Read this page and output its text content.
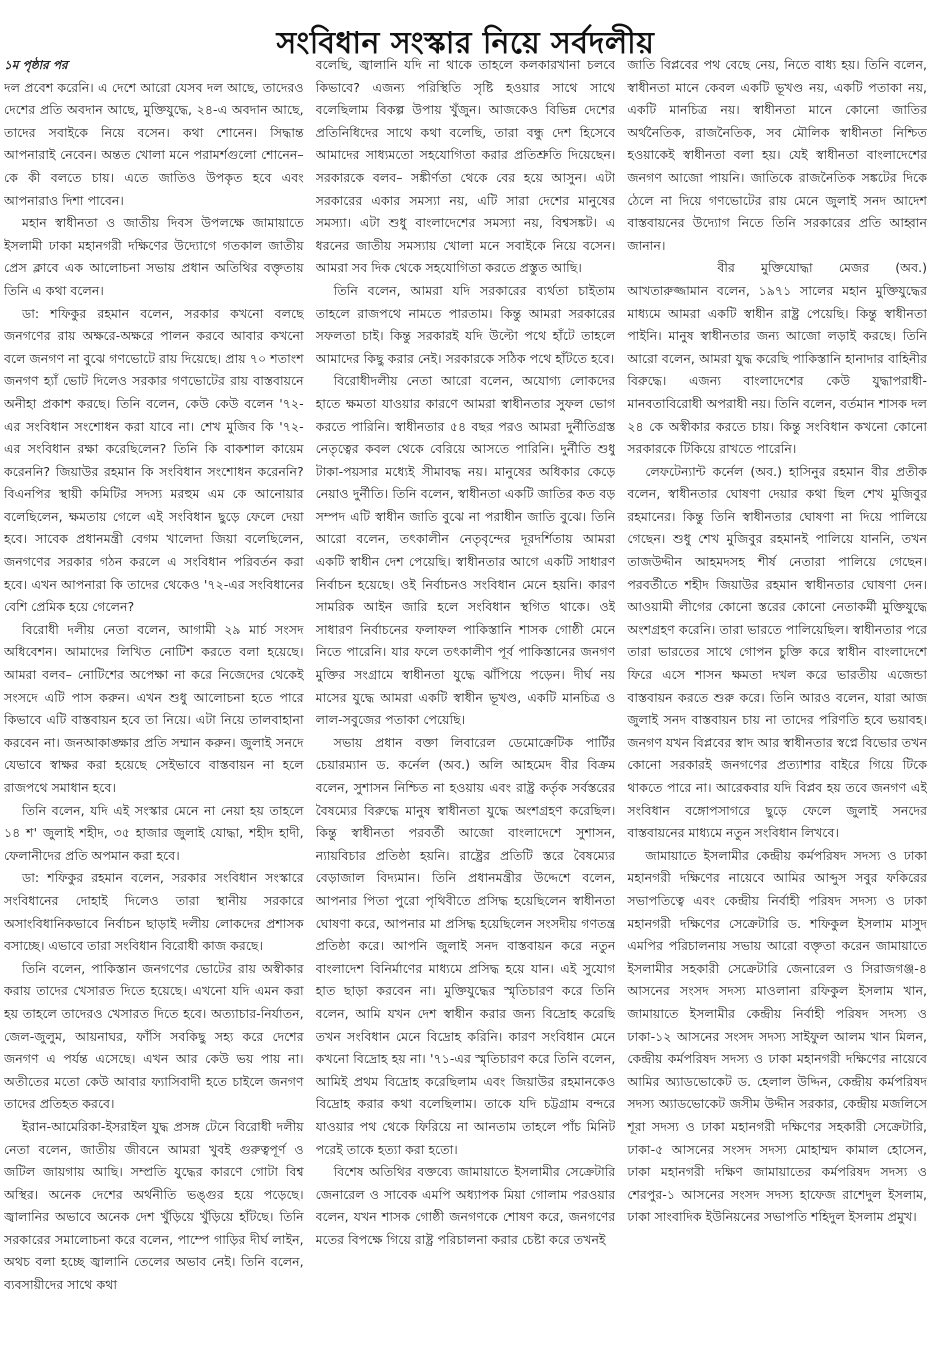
সংবিধান সংস্কার নিয়ে সর্বদলীয়
১ম পৃষ্ঠার পর

দল প্রবেশ করেনি। এ দেশে আরো যেসব দল আছে, তাদেরও দেশের প্রতি অবদান আছে, মুক্তিযুদ্ধে, ২৪-এ অবদান আছে, তাদের সবাইকে নিয়ে বসেন। কথা শোনেন। সিদ্ধান্ত আপনারাই নেবেন। অন্তত খোলা মনে পরামর্শগুলো শোনেন– কে কী বলতে চায়। এতে জাতিও উপকৃত হবে এবং আপনারাও দিশা পাবেন।

মহান স্বাধীনতা ও জাতীয় দিবস উপলক্ষে জামায়াতে ইসলামী ঢাকা মহানগরী দক্ষিণের উদ্যোগে গতকাল জাতীয় প্রেস ক্লাবে এক আলোচনা সভায় প্রধান অতিথির বক্তৃতায় তিনি এ কথা বলেন।

ডা: শফিকুর রহমান বলেন, সরকার কখনো বলছে জনগণের রায় অক্ষরে-অক্ষরে পালন করবে আবার কখনো বলে জনগণ না বুঝে গণভোটে রায় দিয়েছে। প্রায় ৭০ শতাংশ জনগণ হ্যাঁ ভোট দিলেও সরকার গণভোটের রায় বাস্তবায়নে অনীহা প্রকাশ করছে। তিনি বলেন, কেউ কেউ বলেন '৭২-এর সংবিধান সংশোধন করা যাবে না। শেখ মুজিব কি '৭২-এর সংবিধান রক্ষা করেছিলেন? তিনি কি বাকশাল কায়েম করেননি? জিয়াউর রহমান কি সংবিধান সংশোধন করেননি? বিএনপির স্থায়ী কমিটির সদস্য মরহুম এম কে আনোয়ার বলেছিলেন, ক্ষমতায় গেলে এই সংবিধান ছুড়ে ফেলে দেয়া হবে। সাবেক প্রধানমন্ত্রী বেগম খালেদা জিয়া বলেছিলেন, জনগণের সরকার গঠন করলে এ সংবিধান পরিবর্তন করা হবে। এখন আপনারা কি তাদের থেকেও '৭২-এর সংবিধানের বেশি প্রেমিক হয়ে গেলেন?

বিরোধী দলীয় নেতা বলেন, আগামী ২৯ মার্চ সংসদ অধিবেশন। আমাদের লিখিত নোটিশ করতে বলা হয়েছে। আমরা বলব– নোটিশের অপেক্ষা না করে নিজেদের থেকেই সংসদে এটি পাস করুন। এখন শুধু আলোচনা হতে পারে কিভাবে এটি বাস্তবায়ন হবে তা নিয়ে। এটা নিয়ে তালবাহানা করবেন না। জনআকাঙ্ক্ষার প্রতি সম্মান করুন। জুলাই সনদে যেভাবে স্বাক্ষর করা হয়েছে সেইভাবে বাস্তবায়ন না হলে রাজপথে সমাধান হবে।

তিনি বলেন, যদি এই সংস্কার মেনে না নেয়া হয় তাহলে ১৪ শ' জুলাই শহীদ, ৩৫ হাজার জুলাই যোদ্ধা, শহীদ হাদী, ফেলানীদের প্রতি অপমান করা হবে।

ডা: শফিকুর রহমান বলেন, সরকার সংবিধান সংস্কারে সংবিধানের দোহাই দিলেও তারা স্থানীয় সরকারে অসাংবিধানিকভাবে নির্বাচন ছাড়াই দলীয় লোকদের প্রশাসক বসাচ্ছে। এভাবে তারা সংবিধান বিরোধী কাজ করছে।

তিনি বলেন, পাকিস্তান জনগণের ভোটের রায় অস্বীকার করায় তাদের খেসারত দিতে হয়েছে। এখনো যদি এমন করা হয় তাহলে তাদেরও খেসারত দিতে হবে। অত্যাচার-নির্যাতন, জেল-জুলুম, আয়নাঘর, ফাঁসি সবকিছু সহ্য করে দেশের জনগণ এ পর্যন্ত এসেছে। এখন আর কেউ ভয় পায় না। অতীতের মতো কেউ আবার ফ্যাসিবাদী হতে চাইলে জনগণ তাদের প্রতিহত করবে।

ইরান-আমেরিকা-ইসরাইল যুদ্ধ প্রসঙ্গ টেনে বিরোধী দলীয় নেতা বলেন, জাতীয় জীবনে আমরা খুবই গুরুত্বপূর্ণ ও জটিল জায়গায় আছি। সম্প্রতি যুদ্ধের কারণে গোটা বিশ্ব অস্থির। অনেক দেশের অর্থনীতি ভঙ্গুর হয়ে পড়েছে। জ্বালানির অভাবে অনেক দেশ খুঁড়িয়ে খুঁড়িয়ে হাঁটছে। তিনি সরকারের সমালোচনা করে বলেন, পাম্পে গাড়ির দীর্ঘ লাইন, অথচ বলা হচ্ছে জ্বালানি তেলের অভাব নেই। তিনি বলেন, ব্যবসায়ীদের সাথে কথা

বলেছি, জ্বালানি যদি না থাকে তাহলে কলকারখানা চলবে কিভাবে? এজন্য পরিস্থিতি সৃষ্টি হওয়ার সাথে সাথে বলেছিলাম বিকল্প উপায় খুঁজুন। আজকেও বিভিন্ন দেশের প্রতিনিধিদের সাথে কথা বলেছি, তারা বন্ধু দেশ হিসেবে আমাদের সাধ্যমতো সহযোগিতা করার প্রতিশ্রুতি দিয়েছেন। সরকারকে বলব– সঙ্কীর্ণতা থেকে বের হয়ে আসুন। এটা সরকারের একার সমস্যা নয়, এটি সারা দেশের মানুষের সমস্যা। এটা শুধু বাংলাদেশের সমস্যা নয়, বিশ্বসঙ্কট। এ ধরনের জাতীয় সমস্যায় খোলা মনে সবাইকে নিয়ে বসেন। আমরা সব দিক থেকে সহযোগিতা করতে প্রস্তুত আছি।

তিনি বলেন, আমরা যদি সরকারের ব্যর্থতা চাইতাম তাহলে রাজপথে নামতে পারতাম। কিন্তু আমরা সরকারের সফলতা চাই। কিন্তু সরকারই যদি উল্টো পথে হাঁটে তাহলে আমাদের কিছু করার নেই। সরকারকে সঠিক পথে হাঁটতে হবে।

বিরোধীদলীয় নেতা আরো বলেন, অযোগ্য লোকদের হাতে ক্ষমতা যাওয়ার কারণে আমরা স্বাধীনতার সুফল ভোগ করতে পারিনি। স্বাধীনতার ৫৪ বছর পরও আমরা দুর্নীতিগ্রস্ত নেতৃত্বের কবল থেকে বেরিয়ে আসতে পারিনি। দুর্নীতি শুধু টাকা-পয়সার মধ্যেই সীমাবদ্ধ নয়। মানুষের অধিকার কেড়ে নেয়াও দুর্নীতি। তিনি বলেন, স্বাধীনতা একটি জাতির কত বড় সম্পদ এটি স্বাধীন জাতি বুঝে না পরাধীন জাতি বুঝে। তিনি আরো বলেন, তৎকালীন নেতৃবৃন্দের দূরদর্শিতায় আমরা একটি স্বাধীন দেশ পেয়েছি। স্বাধীনতার আগে একটি সাধারণ নির্বাচন হয়েছে। ওই নির্বাচনও সংবিধান মেনে হয়নি। কারণ সামরিক আইন জারি হলে সংবিধান স্থগিত থাকে। ওই সাধারণ নির্বাচনের ফলাফল পাকিস্তানি শাসক গোষ্ঠী মেনে নিতে পারেনি। যার ফলে তৎকালীণ পূর্ব পাকিস্তানের জনগণ মুক্তির সংগ্রামে স্বাধীনতা যুদ্ধে ঝাঁপিয়ে পড়েন। দীর্ঘ নয় মাসের যুদ্ধে আমরা একটি স্বাধীন ভূখণ্ড, একটি মানচিত্র ও লাল-সবুজের পতাকা পেয়েছি।

সভায় প্রধান বক্তা লিবারেল ডেমোক্রেটিক পার্টির চেয়ারম্যান ড. কর্নেল (অব.) অলি আহমেদ বীর বিক্রম বলেন, সুশাসন নিশ্চিত না হওয়ায় এবং রাষ্ট্র কর্তৃক সর্বস্তরের বৈষম্যের বিরুদ্ধে মানুষ স্বাধীনতা যুদ্ধে অংশগ্রহণ করেছিল। কিন্তু স্বাধীনতা পরবর্তী আজো বাংলাদেশে সুশাসন, ন্যায়বিচার প্রতিষ্ঠা হয়নি। রাষ্ট্রের প্রতিটি স্তরে বৈষম্যের বেড়াজাল বিদ্যমান। তিনি প্রধানমন্ত্রীর উদ্দেশে বলেন, আপনার পিতা পুরো পৃথিবীতে প্রসিদ্ধ হয়েছিলেন স্বাধীনতা ঘোষণা করে, আপনার মা প্রসিদ্ধ হয়েছিলেন সংসদীয় গণতন্ত্র প্রতিষ্ঠা করে। আপনি জুলাই সনদ বাস্তবায়ন করে নতুন বাংলাদেশ বিনির্মাণের মাধ্যমে প্রসিদ্ধ হয়ে যান। এই সুযোগ হাত ছাড়া করবেন না। মুক্তিযুদ্ধের স্মৃতিচারণ করে তিনি বলেন, আমি যখন দেশ স্বাধীন করার জন্য বিদ্রোহ করেছি তখন সংবিধান মেনে বিদ্রোহ করিনি। কারণ সংবিধান মেনে কখনো বিদ্রোহ হয় না। '৭১-এর স্মৃতিচারণ করে তিনি বলেন, আমিই প্রথম বিদ্রোহ করেছিলাম এবং জিয়াউর রহমানকেও বিদ্রোহ করার কথা বলেছিলাম। তাকে যদি চট্টগ্রাম বন্দরে যাওয়ার পথ থেকে ফিরিয়ে না আনতাম তাহলে পাঁচ মিনিট পরেই তাকে হত্যা করা হতো।

বিশেষ অতিথির বক্তব্যে জামায়াতে ইসলামীর সেক্রেটারি জেনারেল ও সাবেক এমপি অধ্যাপক মিয়া গোলাম পরওয়ার বলেন, যখন শাসক গোষ্ঠী জনগণকে শোষণ করে, জনগণের মতের বিপক্ষে গিয়ে রাষ্ট্র পরিচালনা করার চেষ্টা করে তখনই

জাতি বিপ্লবের পথ বেছে নেয়, নিতে বাধ্য হয়। তিনি বলেন, স্বাধীনতা মানে কেবল একটি ভূখণ্ড নয়, একটি পতাকা নয়, একটি মানচিত্র নয়। স্বাধীনতা মানে কোনো জাতির অর্থনৈতিক, রাজনৈতিক, সব মৌলিক স্বাধীনতা নিশ্চিত হওয়াকেই স্বাধীনতা বলা হয়। যেই স্বাধীনতা বাংলাদেশের জনগণ আজো পায়নি। জাতিকে রাজনৈতিক সঙ্কটের দিকে ঠেলে না দিয়ে গণভোটের রায় মেনে জুলাই সনদ আদেশ বাস্তবায়নের উদ্যোগ নিতে তিনি সরকারের প্রতি আহ্বান জানান।

বীর মুক্তিযোদ্ধা মেজর (অব.) আখতারুজ্জামান বলেন, ১৯৭১ সালের মহান মুক্তিযুদ্ধের মাধ্যমে আমরা একটি স্বাধীন রাষ্ট্র পেয়েছি। কিন্তু স্বাধীনতা পাইনি। মানুষ স্বাধীনতার জন্য আজো লড়াই করছে। তিনি আরো বলেন, আমরা যুদ্ধ করেছি পাকিস্তানি হানাদার বাহিনীর বিরুদ্ধে। এজন্য বাংলাদেশের কেউ যুদ্ধাপরাধী-মানবতাবিরোধী অপরাধী নয়। তিনি বলেন, বর্তমান শাসক দল ২৪ কে অস্বীকার করতে চায়। কিন্তু সংবিধান কখনো কোনো সরকারকে টিকিয়ে রাখতে পারেনি।

লেফটেন্যান্ট কর্নেল (অব.) হাসিনুর রহমান বীর প্রতীক বলেন, স্বাধীনতার ঘোষণা দেয়ার কথা ছিল শেখ মুজিবুর রহমানের। কিন্তু তিনি স্বাধীনতার ঘোষণা না দিয়ে পালিয়ে গেছেন। শুধু শেখ মুজিবুর রহমানই পালিয়ে যাননি, তখন তাজউদ্দীন আহমদসহ শীর্ষ নেতারা পালিয়ে গেছেন। পরবর্তীতে শহীদ জিয়াউর রহমান স্বাধীনতার ঘোষণা দেন। আওয়ামী লীগের কোনো স্তরের কোনো নেতাকর্মী মুক্তিযুদ্ধে অংশগ্রহণ করেনি। তারা ভারতে পালিয়েছিল। স্বাধীনতার পরে তারা ভারতের সাথে গোপন চুক্তি করে স্বাধীন বাংলাদেশে ফিরে এসে শাসন ক্ষমতা দখল করে ভারতীয় এজেন্ডা বাস্তবায়ন করতে শুরু করে। তিনি আরও বলেন, যারা আজ জুলাই সনদ বাস্তবায়ন চায় না তাদের পরিণতি হবে ভয়াবহ। জনগণ যখন বিপ্লবের স্বাদ আর স্বাধীনতার স্বপ্নে বিভোর তখন কোনো সরকারই জনগণের প্রত্যাশার বাইরে গিয়ে টিকে থাকতে পারে না। আরেকবার যদি বিপ্লব হয় তবে জনগণ এই সংবিধান বঙ্গোপসাগরে ছুড়ে ফেলে জুলাই সনদের বাস্তবায়নের মাধ্যমে নতুন সংবিধান লিখবে।

জামায়াতে ইসলামীর কেন্দ্রীয় কর্মপরিষদ সদস্য ও ঢাকা মহানগরী দক্ষিণের নায়েবে আমির আব্দুস সবুর ফকিরের সভাপতিত্বে এবং কেন্দ্রীয় নির্বাহী পরিষদ সদস্য ও ঢাকা মহানগরী দক্ষিণের সেক্রেটারি ড. শফিকুল ইসলাম মাসুদ এমপির পরিচালনায় সভায় আরো বক্তৃতা করেন জামায়াতে ইসলামীর সহকারী সেক্রেটারি জেনারেল ও সিরাজগঞ্জ-৪ আসনের সংসদ সদস্য মাওলানা রফিকুল ইসলাম খান, জামায়াতে ইসলামীর কেন্দ্রীয় নির্বাহী পরিষদ সদস্য ও ঢাকা-১২ আসনের সংসদ সদস্য সাইফুল আলম খান মিলন, কেন্দ্রীয় কর্মপরিষদ সদস্য ও ঢাকা মহানগরী দক্ষিণের নায়েবে আমির অ্যাডভোকেট ড. হেলাল উদ্দিন, কেন্দ্রীয় কর্মপরিষদ সদস্য অ্যাডভোকেট জসীম উদ্দীন সরকার, কেন্দ্রীয় মজলিসে শূরা সদস্য ও ঢাকা মহানগরী দক্ষিণের সহকারী সেক্রেটারি, ঢাকা-৫ আসনের সংসদ সদস্য মোহাম্মদ কামাল হোসেন, ঢাকা মহানগরী দক্ষিণ জামায়াতের কর্মপরিষদ সদস্য ও শেরপুর-১ আসনের সংসদ সদস্য হাফেজ রাশেদুল ইসলাম, ঢাকা সাংবাদিক ইউনিয়নের সভাপতি শহিদুল ইসলাম প্রমুখ।
